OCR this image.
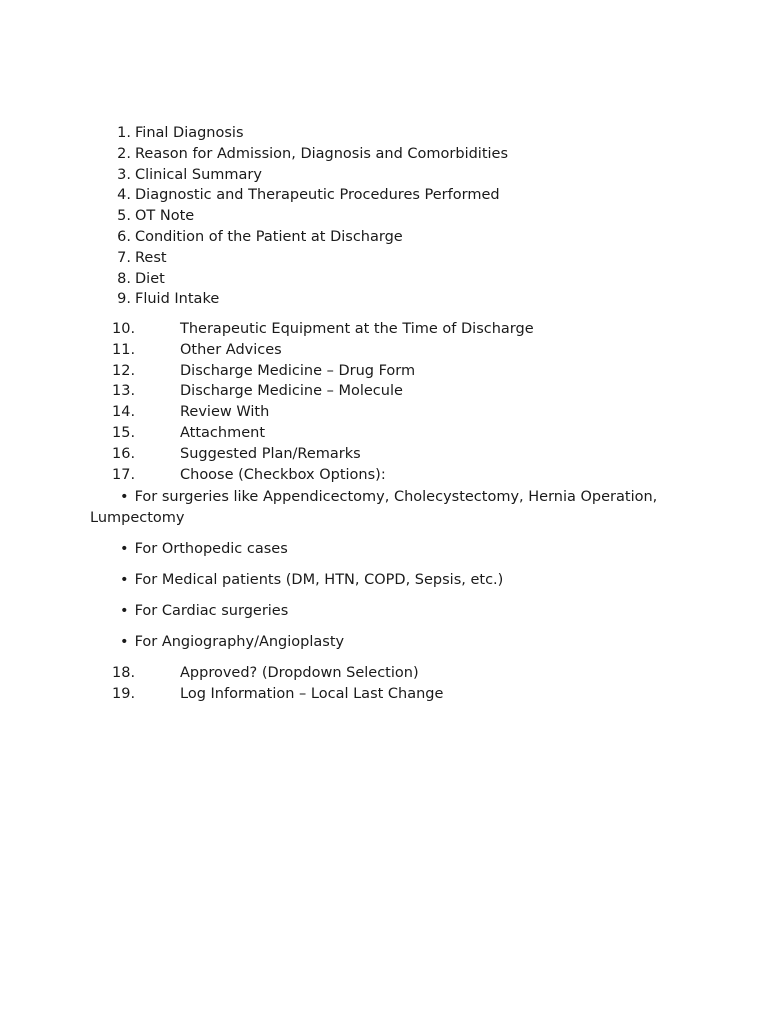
1. Final Diagnosis
2. Reason for Admission, Diagnosis and Comorbidities
3. Clinical Summary
4. Diagnostic and Therapeutic Procedures Performed
5. OT Note
6. Condition of the Patient at Discharge
7. Rest
8. Diet
9. Fluid Intake
10.	Therapeutic Equipment at the Time of Discharge
11.	Other Advices
12.	Discharge Medicine – Drug Form
13.	Discharge Medicine – Molecule
14.	Review With
15.	Attachment
16.	Suggested Plan/Remarks
17.	Choose (Checkbox Options):
• For surgeries like Appendicectomy, Cholecystectomy, Hernia Operation, Lumpectomy
• For Orthopedic cases
• For Medical patients (DM, HTN, COPD, Sepsis, etc.)
• For Cardiac surgeries
• For Angiography/Angioplasty
18.	Approved? (Dropdown Selection)
19.	Log Information – Local Last Change
